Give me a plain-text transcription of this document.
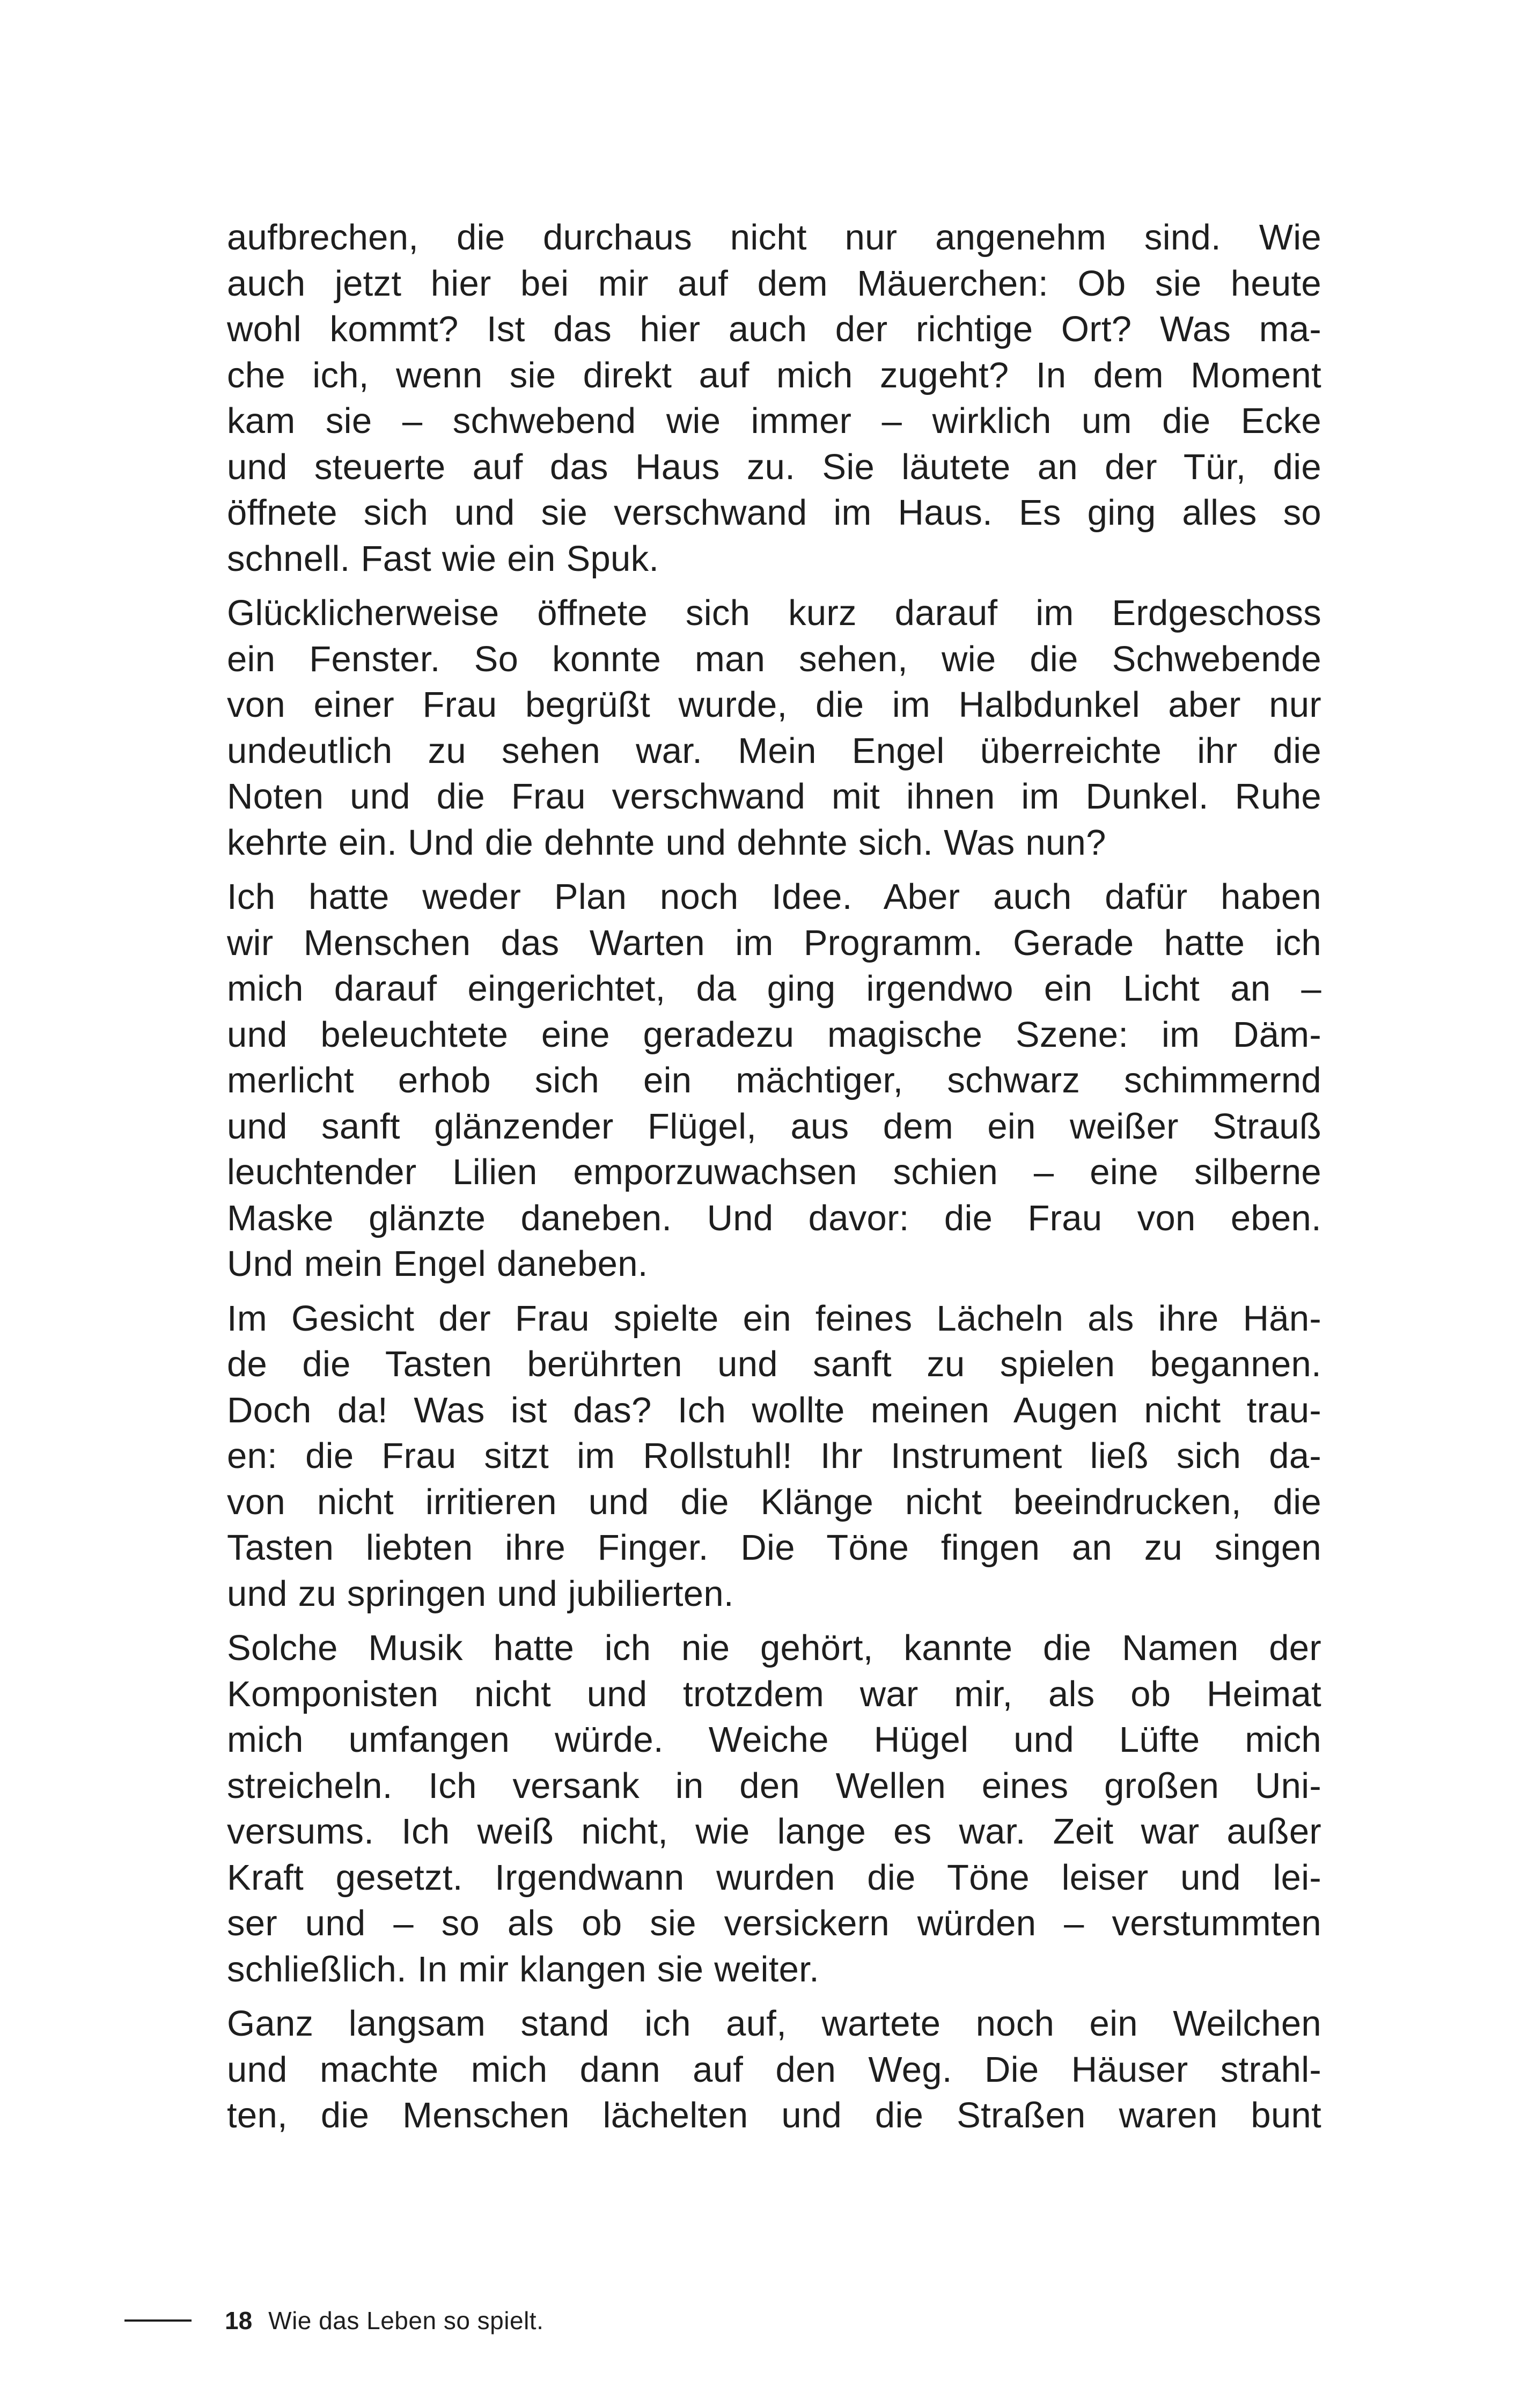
aufbrechen, die durchaus nicht nur angenehm sind. Wie
auch jetzt hier bei mir auf dem Mäuerchen: Ob sie heute
wohl kommt? Ist das hier auch der richtige Ort? Was ma-
che ich, wenn sie direkt auf mich zugeht? In dem Moment
kam sie – schwebend wie immer – wirklich um die Ecke
und steuerte auf das Haus zu. Sie läutete an der Tür, die
öffnete sich und sie verschwand im Haus. Es ging alles so
schnell. Fast wie ein Spuk.

Glücklicherweise öffnete sich kurz darauf im Erdgeschoss
ein Fenster. So konnte man sehen, wie die Schwebende
von einer Frau begrüßt wurde, die im Halbdunkel aber nur
undeutlich zu sehen war. Mein Engel überreichte ihr die
Noten und die Frau verschwand mit ihnen im Dunkel. Ruhe
kehrte ein. Und die dehnte und dehnte sich. Was nun?

Ich hatte weder Plan noch Idee. Aber auch dafür haben
wir Menschen das Warten im Programm. Gerade hatte ich
mich darauf eingerichtet, da ging irgendwo ein Licht an –
und beleuchtete eine geradezu magische Szene: im Däm-
merlicht erhob sich ein mächtiger, schwarz schimmernd
und sanft glänzender Flügel, aus dem ein weißer Strauß
leuchtender Lilien emporzuwachsen schien – eine silberne
Maske glänzte daneben. Und davor: die Frau von eben.
Und mein Engel daneben.

Im Gesicht der Frau spielte ein feines Lächeln als ihre Hän-
de die Tasten berührten und sanft zu spielen begannen.
Doch da! Was ist das? Ich wollte meinen Augen nicht trau-
en: die Frau sitzt im Rollstuhl! Ihr Instrument ließ sich da-
von nicht irritieren und die Klänge nicht beeindrucken, die
Tasten liebten ihre Finger. Die Töne fingen an zu singen
und zu springen und jubilierten.

Solche Musik hatte ich nie gehört, kannte die Namen der
Komponisten nicht und trotzdem war mir, als ob Heimat
mich umfangen würde. Weiche Hügel und Lüfte mich
streicheln. Ich versank in den Wellen eines großen Uni-
versums. Ich weiß nicht, wie lange es war. Zeit war außer
Kraft gesetzt. Irgendwann wurden die Töne leiser und lei-
ser und – so als ob sie versickern würden – verstummten
schließlich. In mir klangen sie weiter.

Ganz langsam stand ich auf, wartete noch ein Weilchen
und machte mich dann auf den Weg. Die Häuser strahl-
ten, die Menschen lächelten und die Straßen waren bunt

18 Wie das Leben so spielt.
